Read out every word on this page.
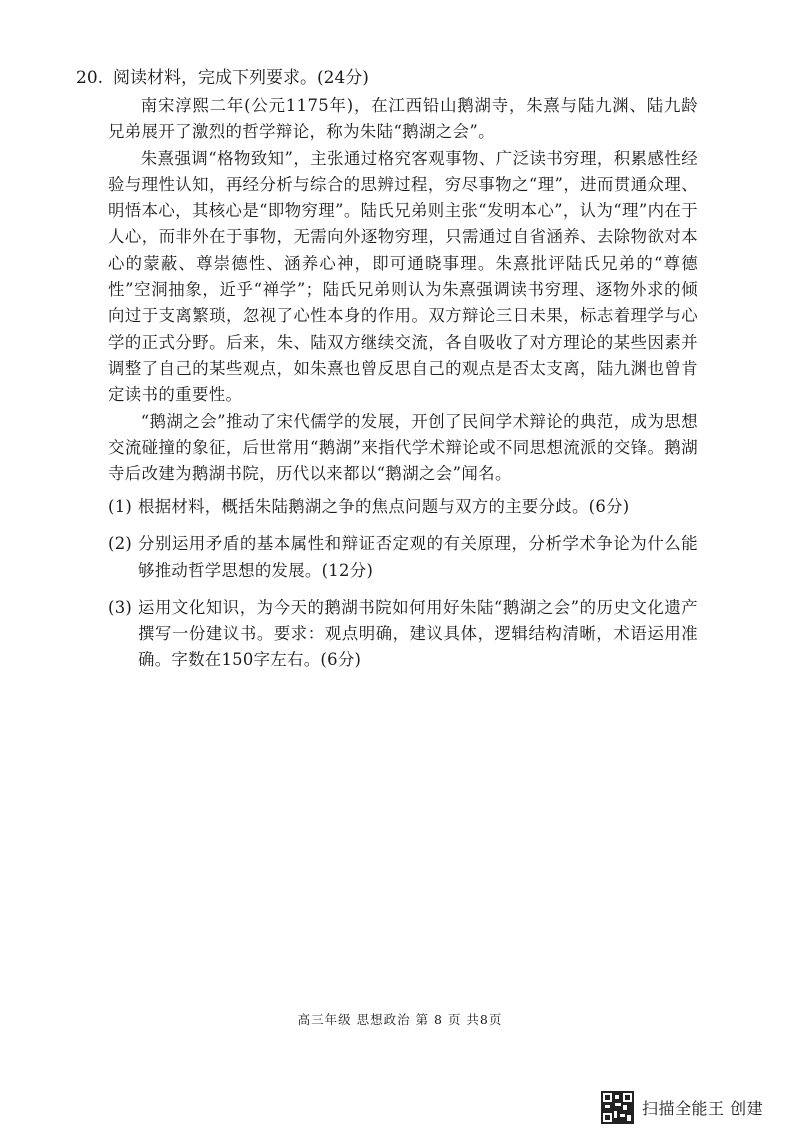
20. 阅读材料，完成下列要求。(24分)

南宋淳熙二年(公元1175年)，在江西铅山鹅湖寺，朱熹与陆九渊、陆九龄兄弟展开了激烈的哲学辩论，称为朱陆“鹅湖之会”。

朱熹强调“格物致知”，主张通过格究客观事物、广泛读书穷理，积累感性经验与理性认知，再经分析与综合的思辨过程，穷尽事物之“理”，进而贯通众理、明悟本心，其核心是“即物穷理”。陆氏兄弟则主张“发明本心”，认为“理”内在于人心，而非外在于事物，无需向外逐物穷理，只需通过自省涵养、去除物欲对本心的蒙蔽、尊崇德性、涵养心神，即可通晓事理。朱熹批评陆氏兄弟的“尊德性”空洞抽象，近乎“禅学”；陆氏兄弟则认为朱熹强调读书穷理、逐物外求的倾向过于支离繁琐，忽视了心性本身的作用。双方辩论三日未果，标志着理学与心学的正式分野。后来，朱、陆双方继续交流，各自吸收了对方理论的某些因素并调整了自己的某些观点，如朱熹也曾反思自己的观点是否太支离，陆九渊也曾肯定读书的重要性。

“鹅湖之会”推动了宋代儒学的发展，开创了民间学术辩论的典范，成为思想交流碰撞的象征，后世常用“鹅湖”来指代学术辩论或不同思想流派的交锋。鹅湖寺后改建为鹅湖书院，历代以来都以“鹅湖之会”闻名。

(1) 根据材料，概括朱陆鹅湖之争的焦点问题与双方的主要分歧。(6分)
(2) 分别运用矛盾的基本属性和辩证否定观的有关原理，分析学术争论为什么能够推动哲学思想的发展。(12分)
(3) 运用文化知识，为今天的鹅湖书院如何用好朱陆“鹅湖之会”的历史文化遗产撰写一份建议书。要求：观点明确，建议具体，逻辑结构清晰，术语运用准确。字数在150字左右。(6分)
高三年级 思想政治 第 8 页 共8页
扫描全能王 创建
